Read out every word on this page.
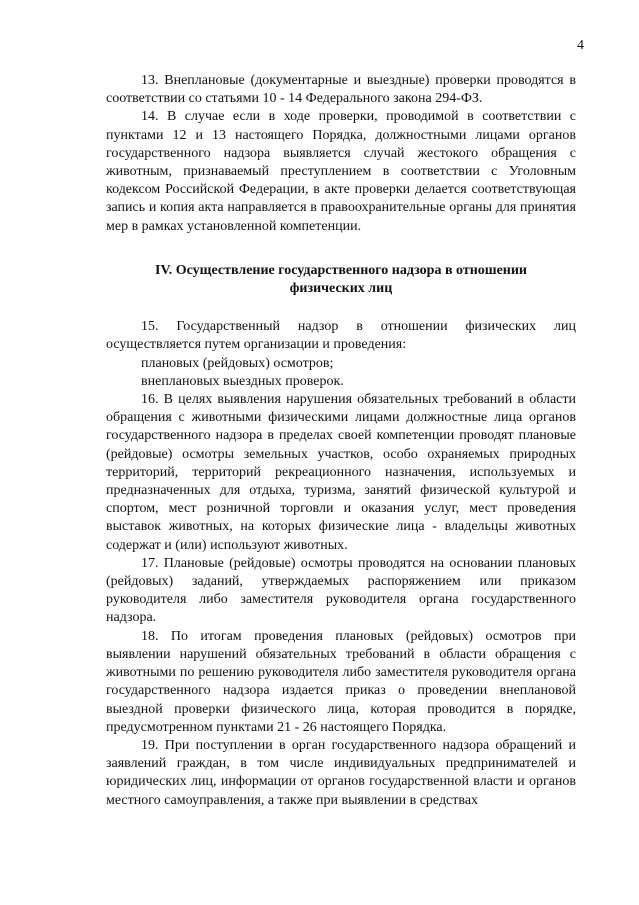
4

13. Внеплановые (документарные и выездные) проверки проводятся в соответствии со статьями 10 - 14 Федерального закона 294-ФЗ.

14. В случае если в ходе проверки, проводимой в соответствии с пунктами 12 и 13 настоящего Порядка, должностными лицами органов государственного надзора выявляется случай жестокого обращения с животным, признаваемый преступлением в соответствии с Уголовным кодексом Российской Федерации, в акте проверки делается соответствующая запись и копия акта направляется в правоохранительные органы для принятия мер в рамках установленной компетенции.

IV. Осуществление государственного надзора в отношении физических лиц

15. Государственный надзор в отношении физических лиц осуществляется путем организации и проведения:

плановых (рейдовых) осмотров;

внеплановых выездных проверок.

16. В целях выявления нарушения обязательных требований в области обращения с животными физическими лицами должностные лица органов государственного надзора в пределах своей компетенции проводят плановые (рейдовые) осмотры земельных участков, особо охраняемых природных территорий, территорий рекреационного назначения, используемых и предназначенных для отдыха, туризма, занятий физической культурой и спортом, мест розничной торговли и оказания услуг, мест проведения выставок животных, на которых физические лица - владельцы животных содержат и (или) используют животных.

17. Плановые (рейдовые) осмотры проводятся на основании плановых (рейдовых) заданий, утверждаемых распоряжением или приказом руководителя либо заместителя руководителя органа государственного надзора.

18. По итогам проведения плановых (рейдовых) осмотров при выявлении нарушений обязательных требований в области обращения с животными по решению руководителя либо заместителя руководителя органа государственного надзора издается приказ о проведении внеплановой выездной проверки физического лица, которая проводится в порядке, предусмотренном пунктами 21 - 26 настоящего Порядка.

19. При поступлении в орган государственного надзора обращений и заявлений граждан, в том числе индивидуальных предпринимателей и юридических лиц, информации от органов государственной власти и органов местного самоуправления, а также при выявлении в средствах
